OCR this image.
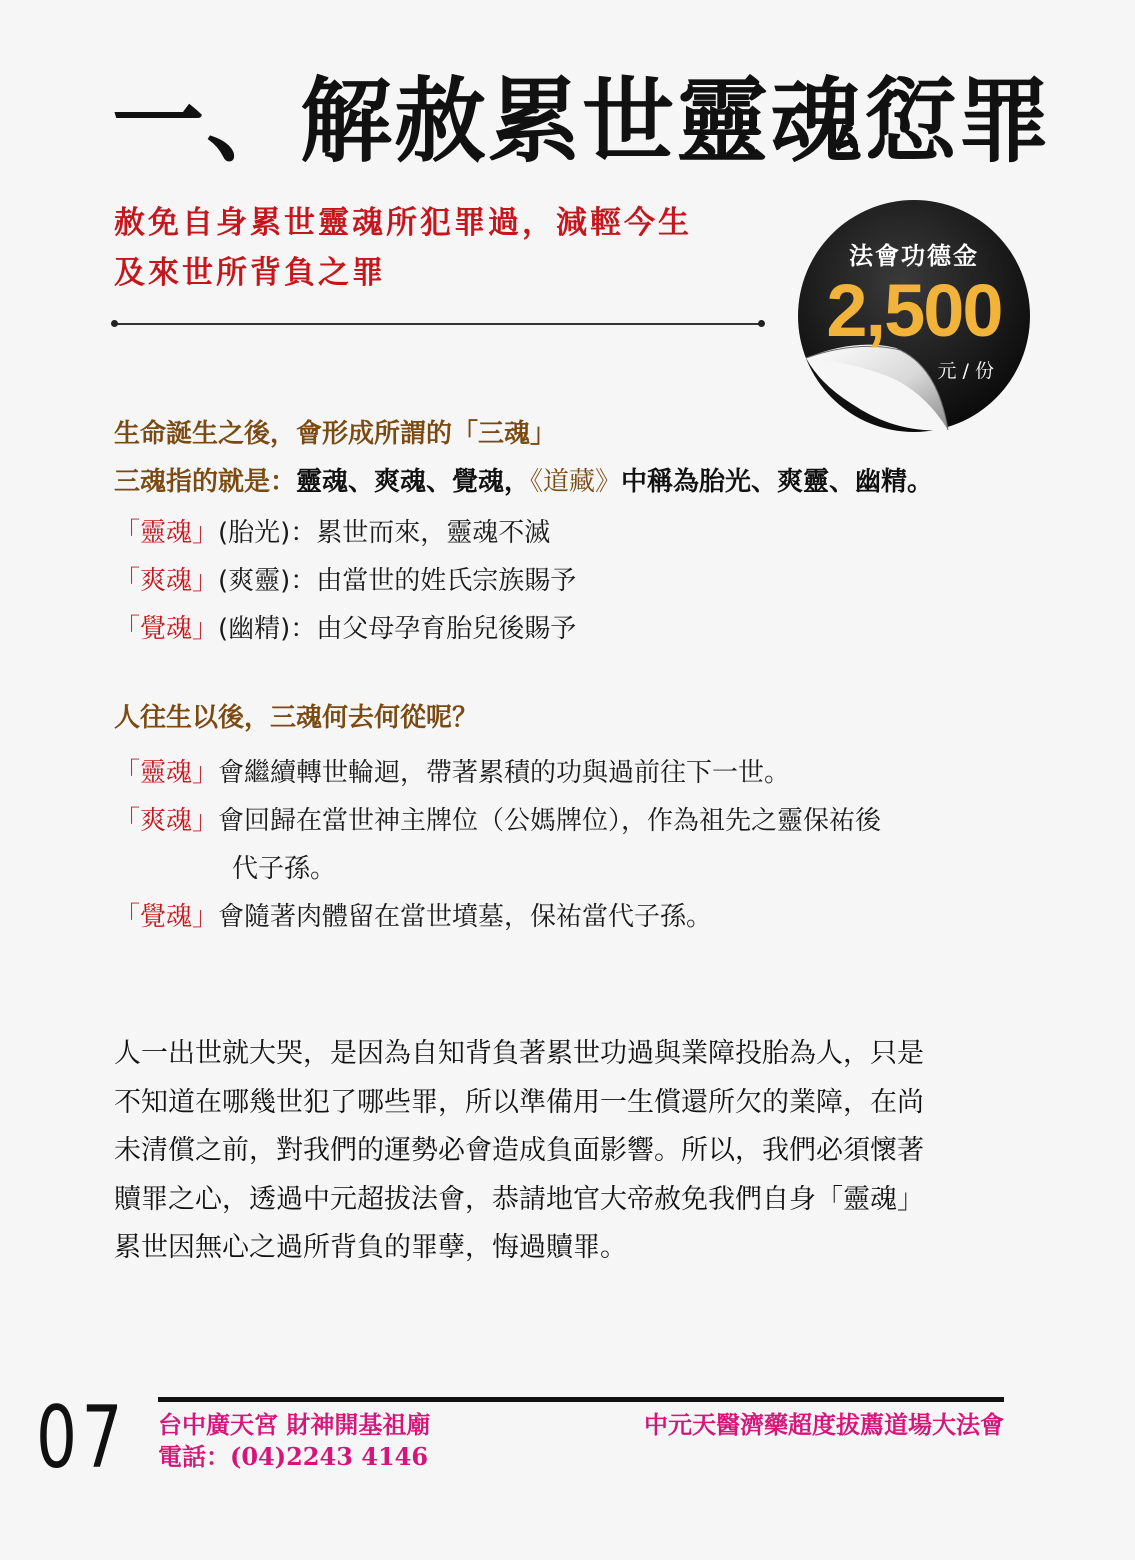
一、解赦累世靈魂愆罪
赦免自身累世靈魂所犯罪過，減輕今生
及來世所背負之罪	法會功德金
2,500
元 / 份
生命誕生之後，會形成所謂的「三魂」
三魂指的就是：靈魂、爽魂、覺魂，《道藏》中稱為胎光、爽靈、幽精。
「靈魂」(胎光)：累世而來，靈魂不滅
「爽魂」(爽靈)：由當世的姓氏宗族賜予
「覺魂」(幽精)：由父母孕育胎兒後賜予
人往生以後，三魂何去何從呢？
「靈魂」會繼續轉世輪迴，帶著累積的功與過前往下一世。
「爽魂」會回歸在當世神主牌位（公媽牌位），作為祖先之靈保祐後
代子孫。
「覺魂」會隨著肉體留在當世墳墓，保祐當代子孫。
人一出世就大哭，是因為自知背負著累世功過與業障投胎為人，只是
不知道在哪幾世犯了哪些罪，所以準備用一生償還所欠的業障，在尚
未清償之前，對我們的運勢必會造成負面影響。所以，我們必須懷著
贖罪之心，透過中元超拔法會，恭請地官大帝赦免我們自身「靈魂」
累世因無心之過所背負的罪孽，悔過贖罪。
07 台中廣天宮 財神開基祖廟
電話：(04)2243 4146
中元天醫濟藥超度拔薦道場大法會
